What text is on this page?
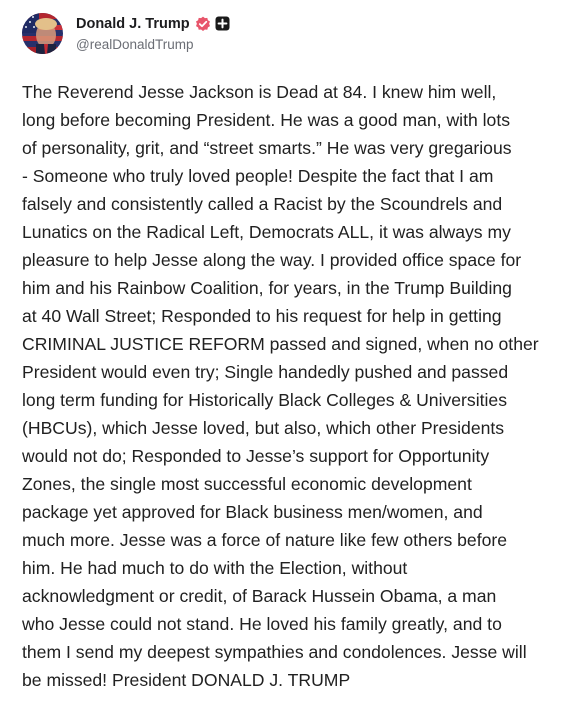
Donald J. Trump
@realDonaldTrump

The Reverend Jesse Jackson is Dead at 84. I knew him well,
long before becoming President. He was a good man, with lots
of personality, grit, and “street smarts.” He was very gregarious
- Someone who truly loved people! Despite the fact that I am
falsely and consistently called a Racist by the Scoundrels and
Lunatics on the Radical Left, Democrats ALL, it was always my
pleasure to help Jesse along the way. I provided office space for
him and his Rainbow Coalition, for years, in the Trump Building
at 40 Wall Street; Responded to his request for help in getting
CRIMINAL JUSTICE REFORM passed and signed, when no other
President would even try; Single handedly pushed and passed
long term funding for Historically Black Colleges & Universities
(HBCUs), which Jesse loved, but also, which other Presidents
would not do; Responded to Jesse’s support for Opportunity
Zones, the single most successful economic development
package yet approved for Black business men/women, and
much more. Jesse was a force of nature like few others before
him. He had much to do with the Election, without
acknowledgment or credit, of Barack Hussein Obama, a man
who Jesse could not stand. He loved his family greatly, and to
them I send my deepest sympathies and condolences. Jesse will
be missed! President DONALD J. TRUMP
